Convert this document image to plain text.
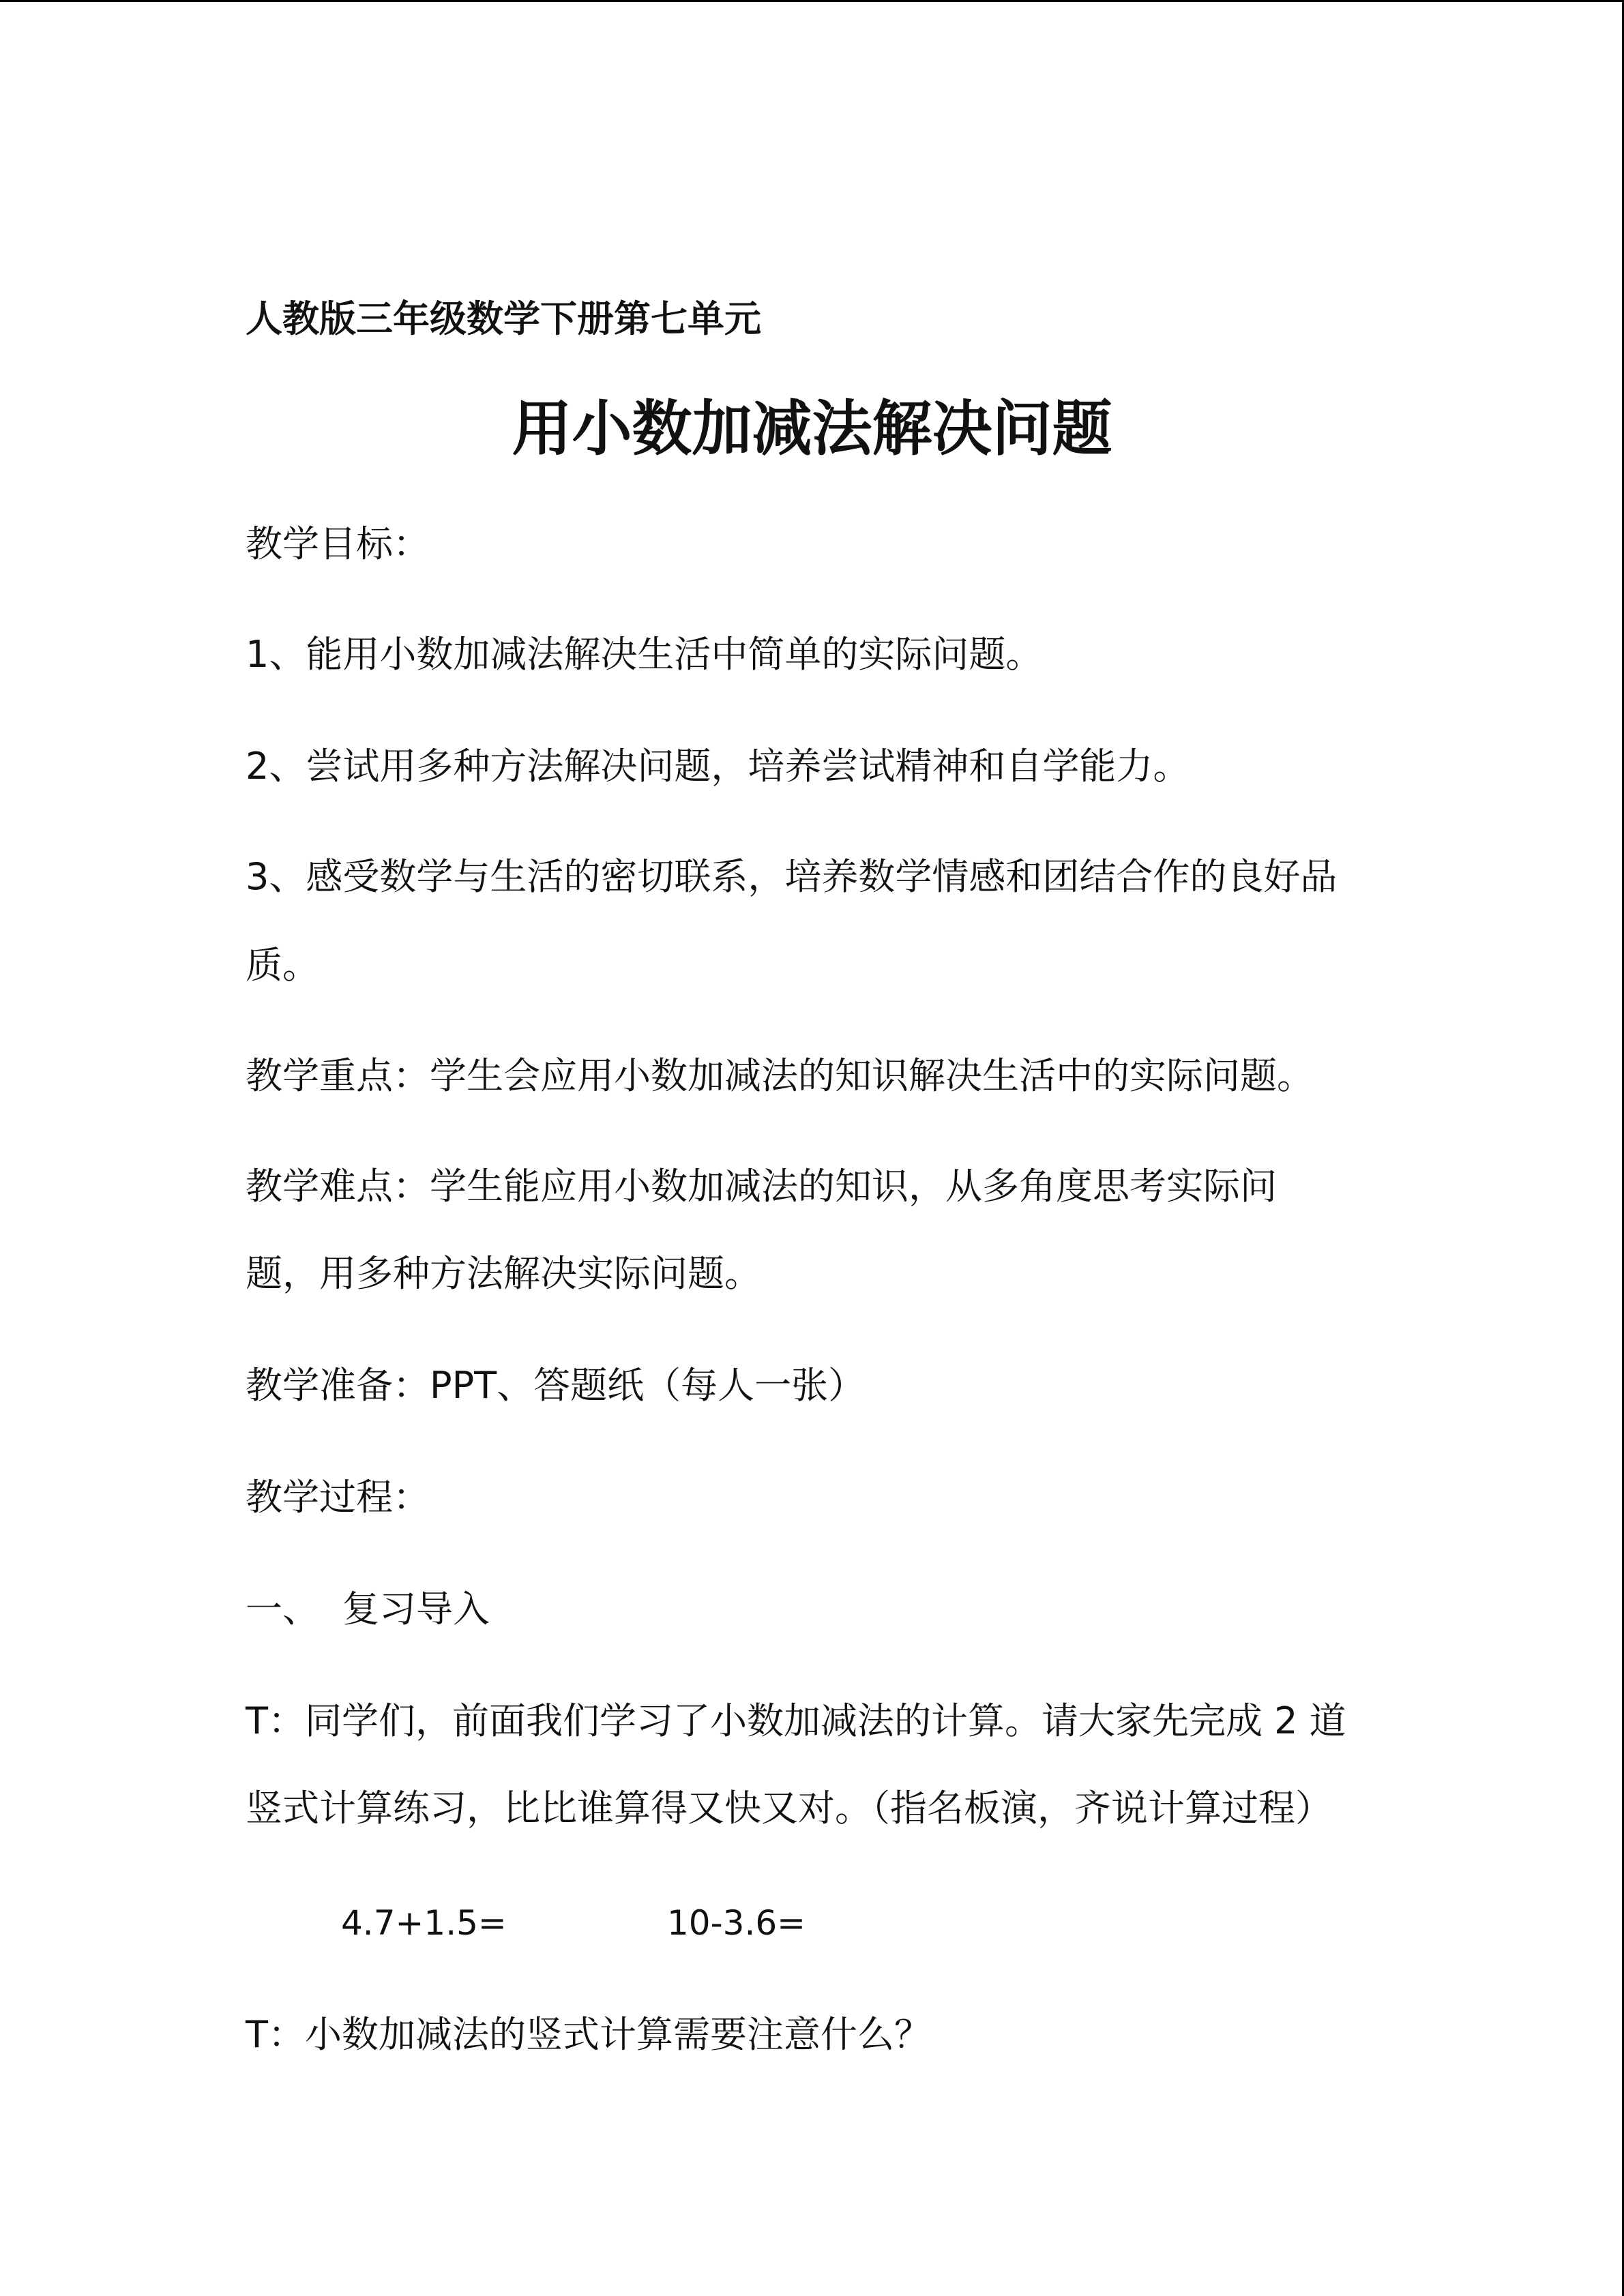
人教版三年级数学下册第七单元

用小数加减法解决问题

教学目标：

1、能用小数加减法解决生活中简单的实际问题。

2、尝试用多种方法解决问题，培养尝试精神和自学能力。

3、感受数学与生活的密切联系，培养数学情感和团结合作的良好品

质。

教学重点：学生会应用小数加减法的知识解决生活中的实际问题。

教学难点：学生能应用小数加减法的知识，从多角度思考实际问

题，用多种方法解决实际问题。

教学准备：PPT、答题纸（每人一张）

教学过程：

一、 复习导入

T：同学们，前面我们学习了小数加减法的计算。请大家先完成 2 道

竖式计算练习，比比谁算得又快又对。（指名板演，齐说计算过程）

4.7+1.5=	10-3.6=

T：小数加减法的竖式计算需要注意什么？
